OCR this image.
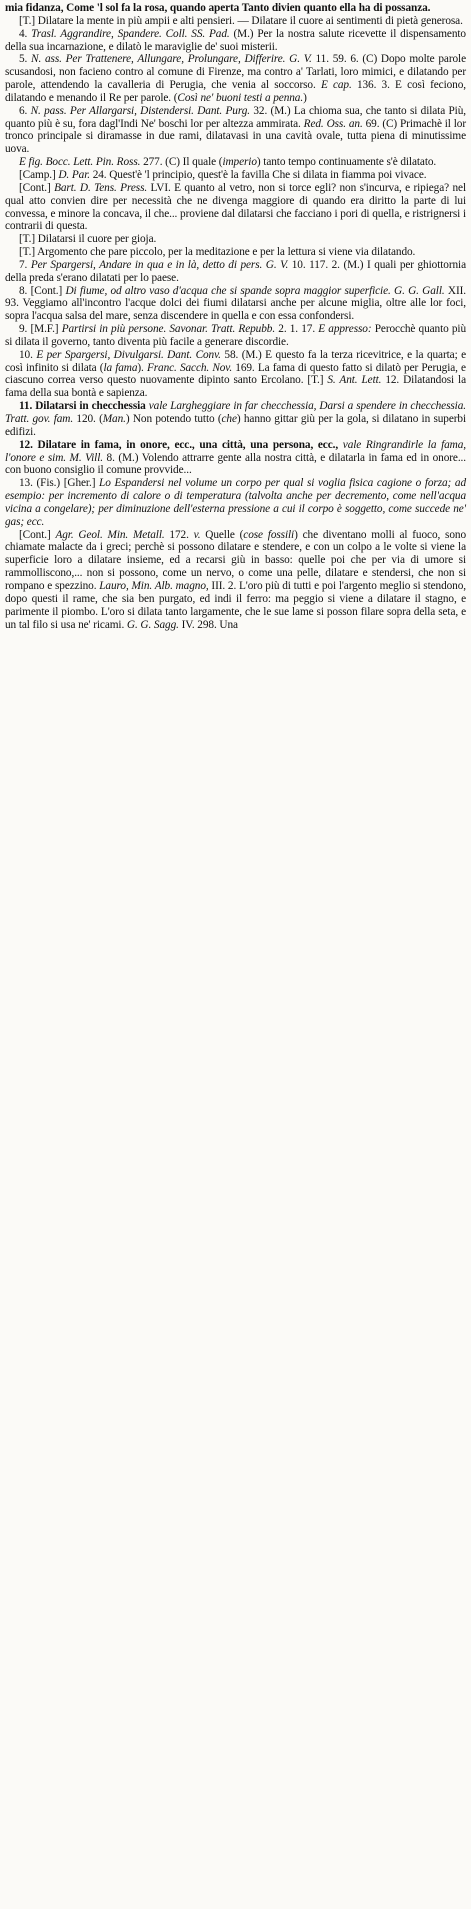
mia fidanza, Come 'l sol fa la rosa, quando aperta Tanto divien quanto ella ha di possanza.

[T.] Dilatare la mente in più ampii e alti pensieri. — Dilatare il cuore ai sentimenti di pietà generosa.

4. Trasl. Aggrandire, Spandere. Coll. SS. Pad. (M.) Per la nostra salute ricevette il dispensamento della sua incarnazione, e dilatò le maraviglie de' suoi misterii.

5. N. ass. Per Trattenere, Allungare, Prolungare, Differire. G. V. 11. 59. 6. (C) Dopo molte parole scusandosi, non facieno contro al comune di Firenze, ma contro a' Tarlati, loro mimici, e dilatando per parole, attendendo la cavalleria di Perugia, che venia al soccorso. E cap. 136. 3. E così feciono, dilatando e menando il Re per parole. (Così ne' buoni testi a penna.)

6. N. pass. Per Allargarsi, Distendersi. Dant. Purg. 32. (M.) La chioma sua, che tanto si dilata Più, quanto più è su, fora dagl'Indi Ne' boschi lor per altezza ammirata. Red. Oss. an. 69. (C) Primachè il lor tronco principale si diramasse in due rami, dilatavasi in una cavità ovale, tutta piena di minutissime uova.

E fig. Bocc. Lett. Pin. Ross. 277. (C) Il quale (imperio) tanto tempo continuamente s'è dilatato.

[Camp.] D. Par. 24. Quest'è 'l principio, quest'è la favilla Che si dilata in fiamma poi vivace.

[Cont.] Bart. D. Tens. Press. LVI. E quanto al vetro, non si torce egli? non s'incurva, e ripiega? nel qual atto convien dire per necessità che ne divenga maggiore di quando era diritto la parte di lui convessa, e minore la concava, il che... proviene dal dilatarsi che facciano i pori di quella, e ristrignersi i contrarii di questa.

[T.] Dilatarsi il cuore per gioja.

[T.] Argomento che pare piccolo, per la meditazione e per la lettura si viene via dilatando.

7. Per Spargersi, Andare in qua e in là, detto di pers. G. V. 10. 117. 2. (M.) I quali per ghiottornia della preda s'erano dilatati per lo paese.

8. [Cont.] Di fiume, od altro vaso d'acqua che si spande sopra maggior superficie. G. G. Gall. XII. 93. Veggiamo all'incontro l'acque dolci dei fiumi dilatarsi anche per alcune miglia, oltre alle lor foci, sopra l'acqua salsa del mare, senza discendere in quella e con essa confondersi.

9. [M.F.] Partirsi in più persone. Savonar. Tratt. Repubb. 2. 1. 17. E appresso: Perocchè quanto più si dilata il governo, tanto diventa più facile a generare discordie.

10. E per Spargersi, Divulgarsi. Dant. Conv. 58. (M.) E questo fa la terza ricevitrice, e la quarta; e così infinito si dilata (la fama). Franc. Sacch. Nov. 169. La fama di questo fatto si dilatò per Perugia, e ciascuno correa verso questo nuovamente dipinto santo Ercolano. [T.] S. Ant. Lett. 12. Dilatandosi la fama della sua bontà e sapienza.

11. Dilatarsi in checchessia vale Largheggiare in far checchessia, Darsi a spendere in checchessia. Tratt. gov. fam. 120. (Man.) Non potendo tutto (che) hanno gittar giù per la gola, si dilatano in superbi edifizi.

12. Dilatare in fama, in onore, ecc., una città, una persona, ecc., vale Ringrandirle la fama, l'onore e sim. M. Vill. 8. (M.) Volendo attrarre gente alla nostra città, e dilatarla in fama ed in onore... con buono consiglio il comune provvide...

13. (Fis.) [Gher.] Lo Espandersi nel volume un corpo per qual si voglia fisica cagione o forza; ad esempio: per incremento di calore o di temperatura (talvolta anche per decremento, come nell'acqua vicina a congelare); per diminuzione dell'esterna pressione a cui il corpo è soggetto, come succede ne' gas; ecc.

[Cont.] Agr. Geol. Min. Metall. 172. v. Quelle (cose fossili) che diventano molli al fuoco, sono chiamate malacte da i greci; perchè si possono dilatare e stendere, e con un colpo a le volte si viene la superficie loro a dilatare insieme, ed a recarsi giù in basso: quelle poi che per via di umore si rammolliscono,... non si possono, come un nervo, o come una pelle, dilatare e stendersi, che non si rompano e spezzino. Lauro, Min. Alb. magno, III. 2. L'oro più di tutti e poi l'argento meglio si stendono, dopo questi il rame, che sia ben purgato, ed indi il ferro: ma peggio si viene a dilatare il stagno, e parimente il piombo. L'oro si dilata tanto largamente, che le sue lame si posson filare sopra della seta, e un tal filo si usa ne' ricami. G. G. Sagg. IV. 298. Una
